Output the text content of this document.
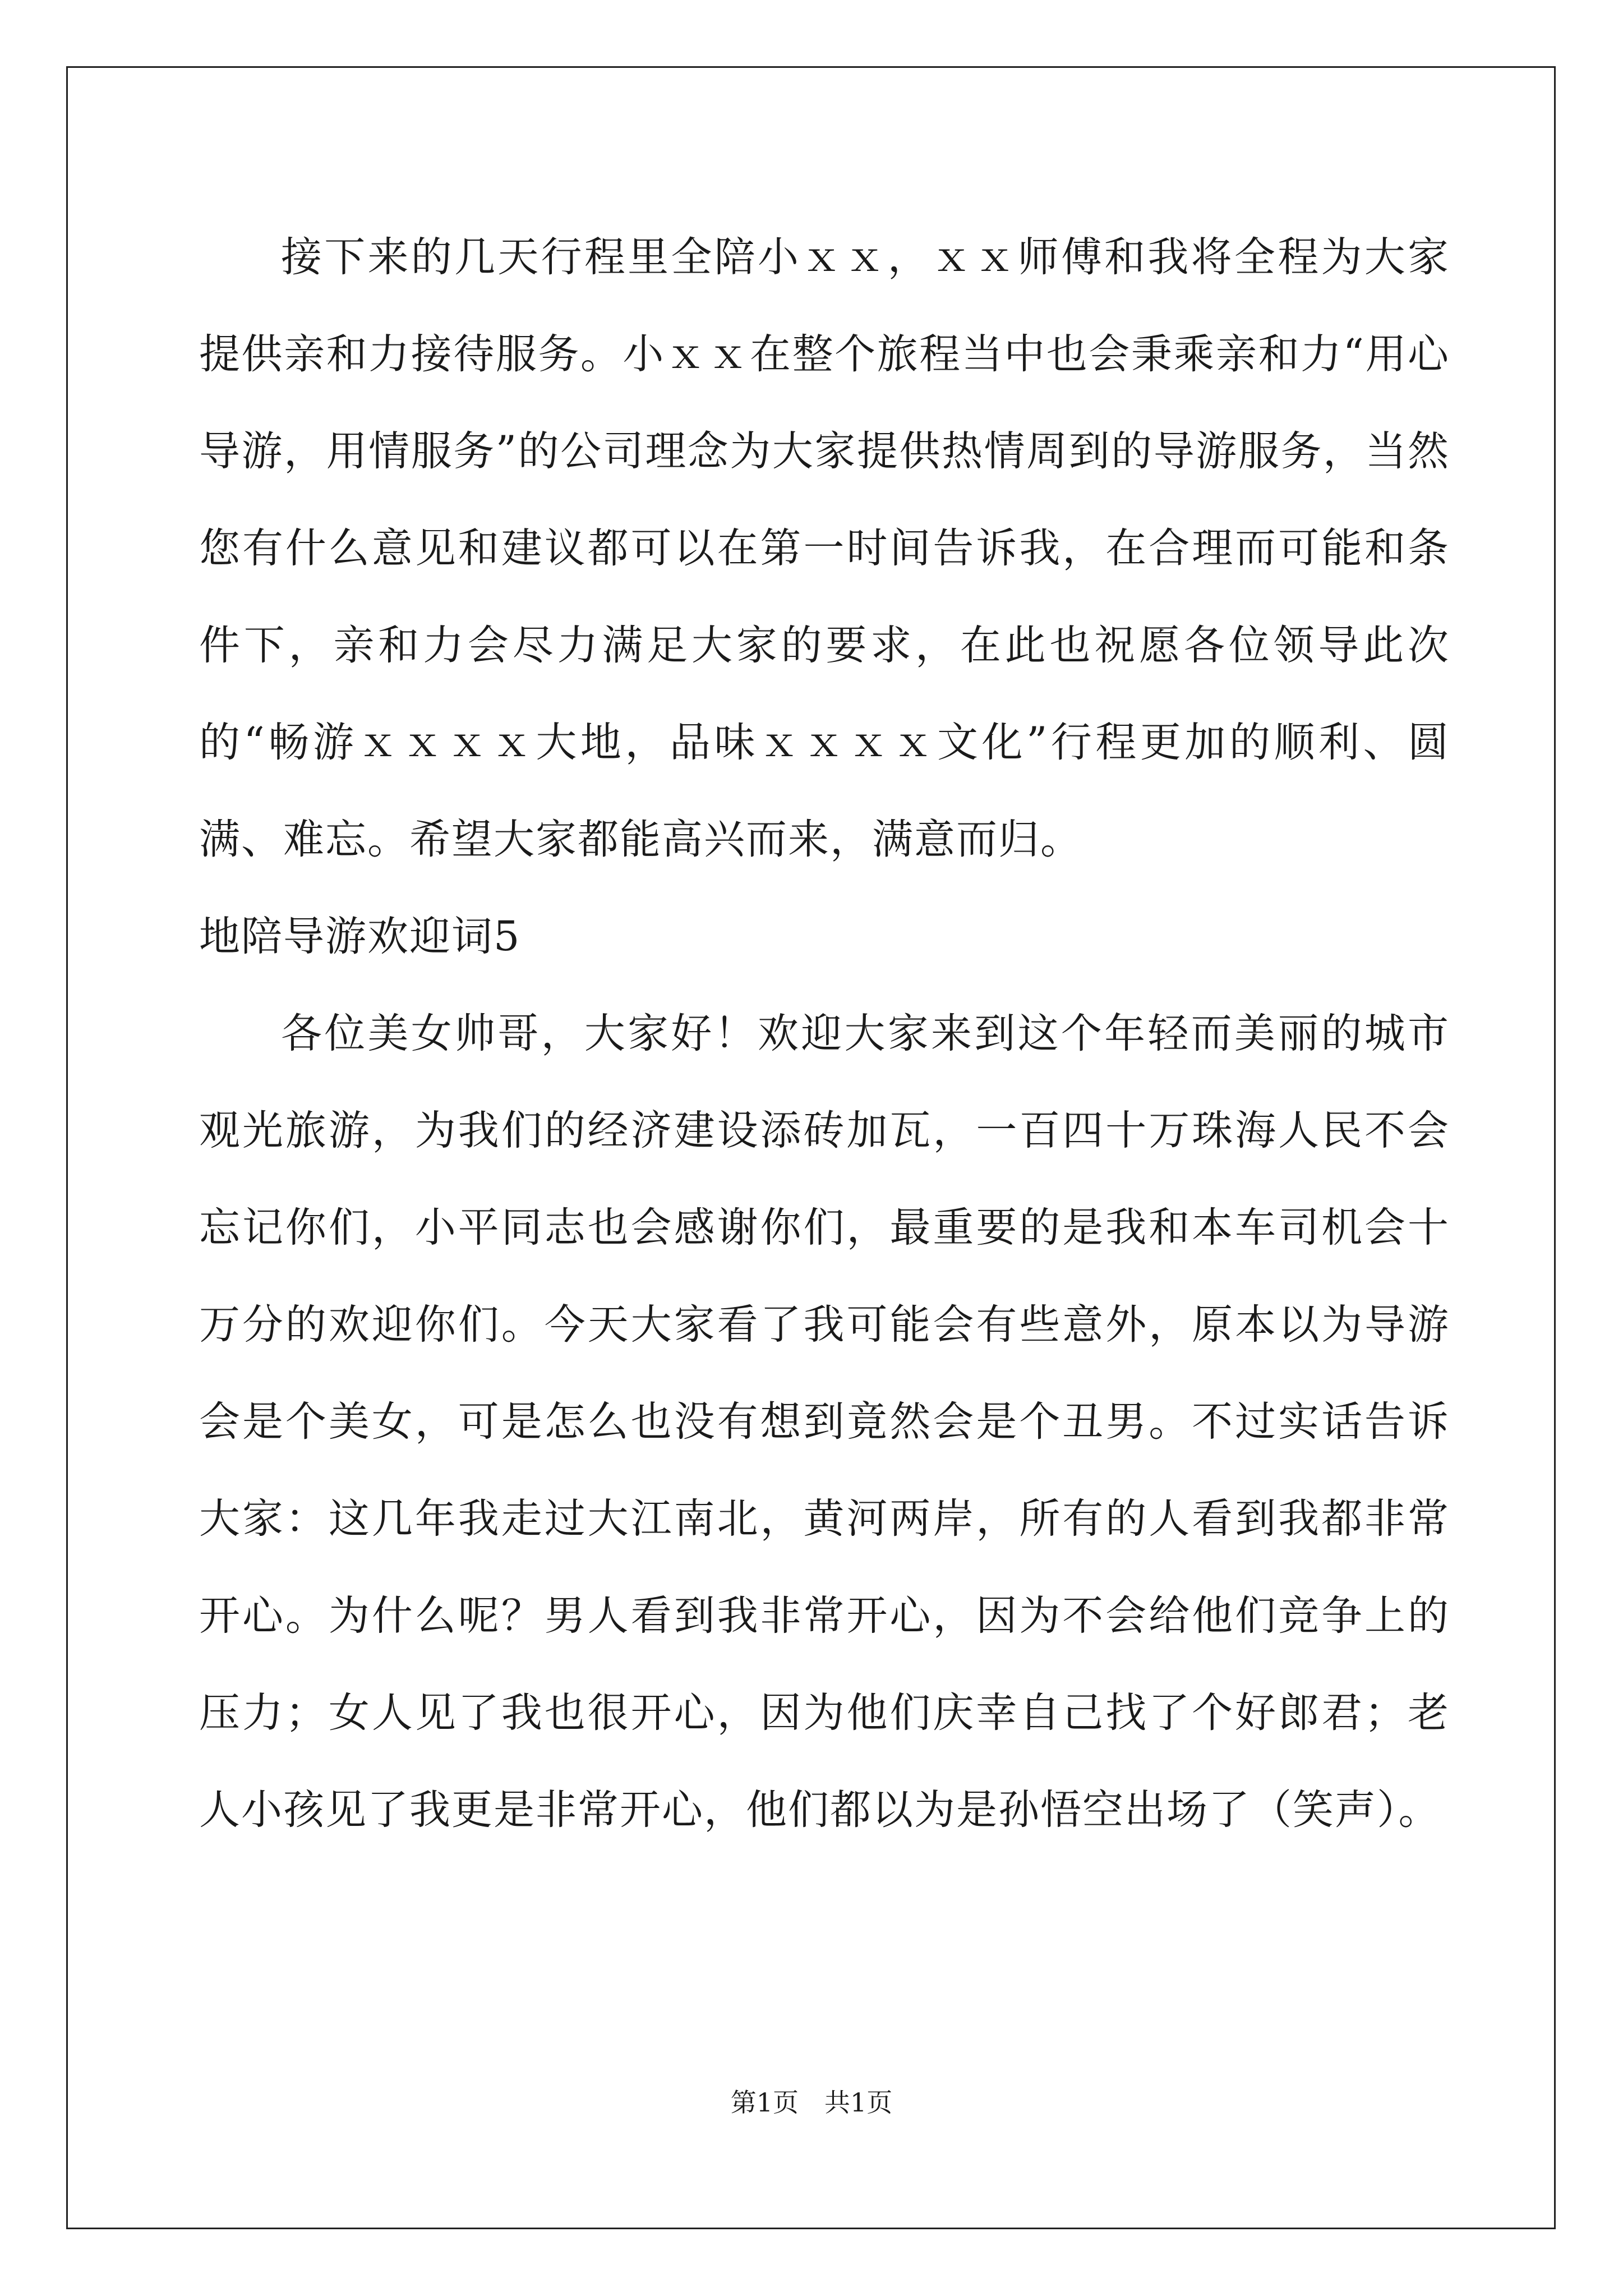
接下来的几天行程里全陪小ｘｘ，ｘｘ师傅和我将全程为大家提供亲和力接待服务。小ｘｘ在整个旅程当中也会秉乘亲和力“用心导游，用情服务”的公司理念为大家提供热情周到的导游服务，当然您有什么意见和建议都可以在第一时间告诉我，在合理而可能和条件下，亲和力会尽力满足大家的要求，在此也祝愿各位领导此次的“畅游ｘｘｘｘ大地，品味ｘｘｘｘ文化”行程更加的顺利、圆满、难忘。希望大家都能高兴而来，满意而归。

地陪导游欢迎词5

各位美女帅哥，大家好！欢迎大家来到这个年轻而美丽的城市观光旅游，为我们的经济建设添砖加瓦，一百四十万珠海人民不会忘记你们，小平同志也会感谢你们，最重要的是我和本车司机会十万分的欢迎你们。今天大家看了我可能会有些意外，原本以为导游会是个美女，可是怎么也没有想到竟然会是个丑男。不过实话告诉大家：这几年我走过大江南北，黄河两岸，所有的人看到我都非常开心。为什么呢？男人看到我非常开心，因为不会给他们竞争上的压力；女人见了我也很开心，因为他们庆幸自己找了个好郎君；老人小孩见了我更是非常开心，他们都以为是孙悟空出场了（笑声）。

第1页　共1页
